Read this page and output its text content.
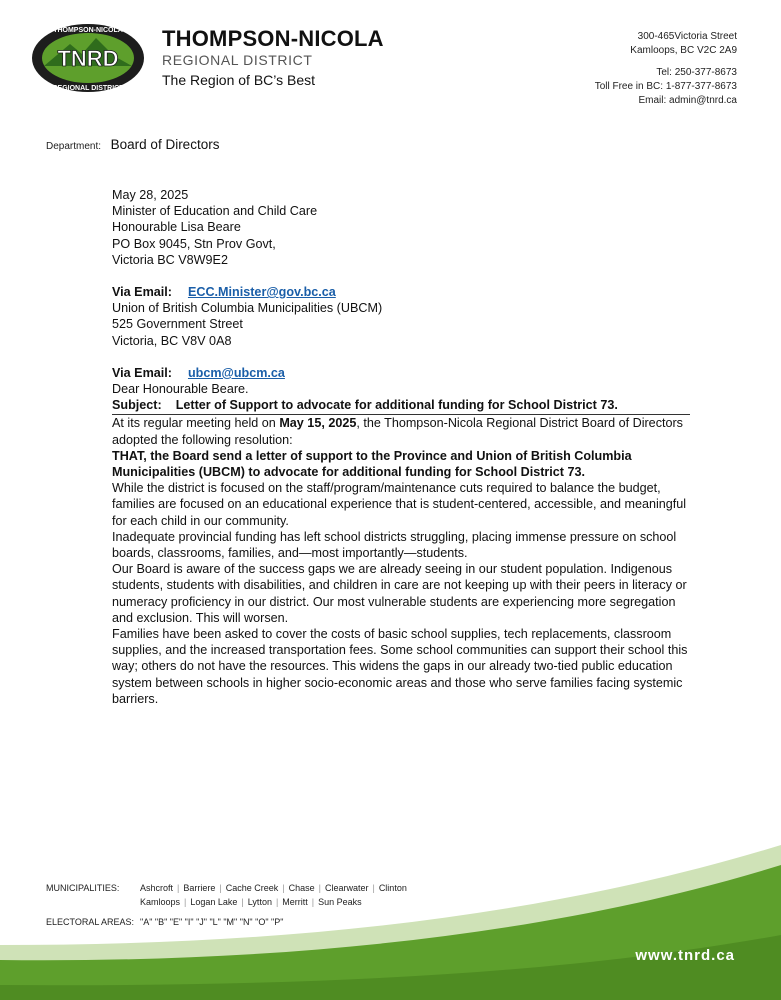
TNRD
THOMPSON-NICOLA
REGIONAL DISTRICT
THOMPSON-NICOLA
REGIONAL DISTRICT
The Region of BC’s Best
300-465Victoria Street
Kamloops, BC V2C 2A9
Tel: 250-377-8673
Toll Free in BC: 1-877-377-8673
Email: admin@tnrd.ca
Department: Board of Directors

May 28, 2025

Minister of Education and Child Care

Honourable Lisa Beare

PO Box 9045, Stn Prov Govt,

Victoria BC V8W9E2

Via Email: ECC.Minister@gov.bc.ca

Union of British Columbia Municipalities (UBCM)

525 Government Street

Victoria, BC V8V 0A8

Via Email: ubcm@ubcm.ca

Dear Honourable Beare.

Subject: Letter of Support to advocate for additional funding for School District 73.

At its regular meeting held on May 15, 2025, the Thompson-Nicola Regional District Board of Directors adopted the following resolution:

THAT, the Board send a letter of support to the Province and Union of British Columbia Municipalities (UBCM) to advocate for additional funding for School District 73.

While the district is focused on the staff/program/maintenance cuts required to balance the budget, families are focused on an educational experience that is student-centered, accessible, and meaningful for each child in our community.

Inadequate provincial funding has left school districts struggling, placing immense pressure on school boards, classrooms, families, and—most importantly—students.

Our Board is aware of the success gaps we are already seeing in our student population. Indigenous students, students with disabilities, and children in care are not keeping up with their peers in literacy or numeracy proficiency in our district. Our most vulnerable students are experiencing more segregation and exclusion. This will worsen.

Families have been asked to cover the costs of basic school supplies, tech replacements, classroom supplies, and the increased transportation fees. Some school communities can support their school this way; others do not have the resources. This widens the gaps in our already two-tied public education system between schools in higher socio-economic areas and those who serve families facing systemic barriers.

MUNICIPALITIES:	Ashcroft | Barriere | Cache Creek | Chase | Clearwater | Clinton
Kamloops | Logan Lake | Lytton | Merritt | Sun Peaks
ELECTORAL AREAS: "A" "B" "E" "I" "J" "L" "M" "N" "O" "P"
www.tnrd.ca
